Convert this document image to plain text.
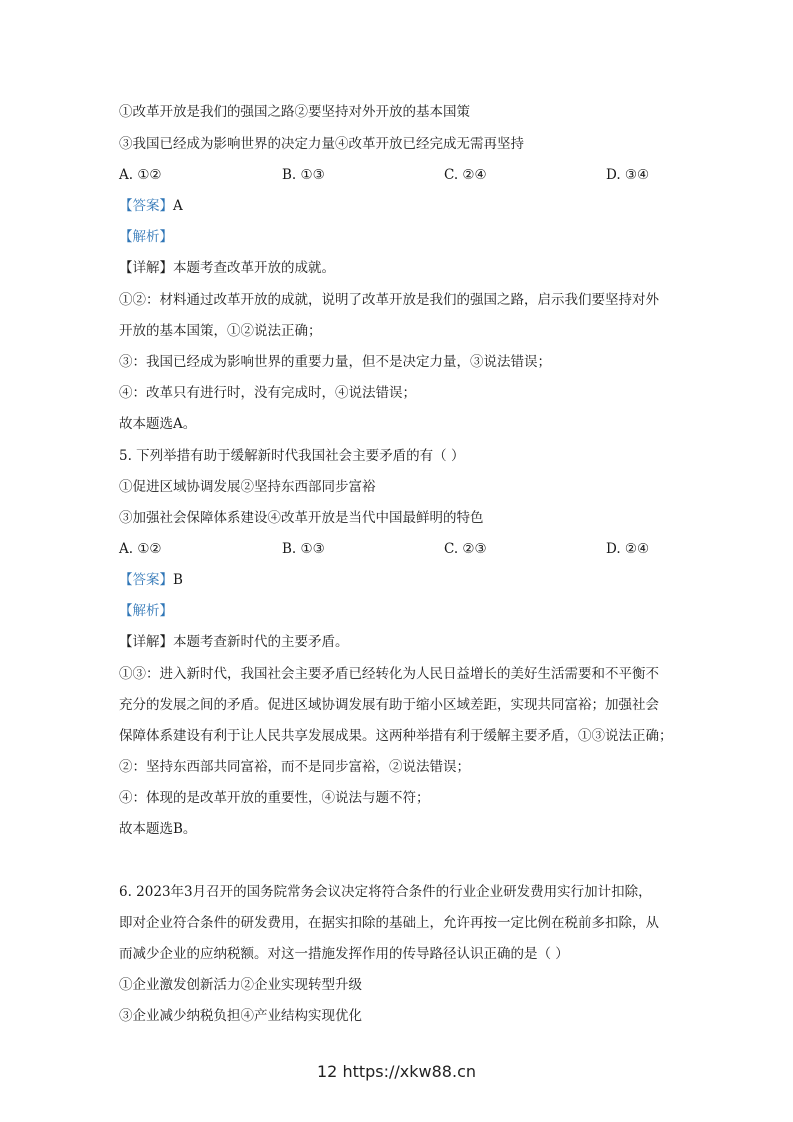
①改革开放是我们的强国之路②要坚持对外开放的基本国策
③我国已经成为影响世界的决定力量④改革开放已经完成无需再坚持
A. ①②	B. ①③	C. ②④	D. ③④
【答案】A
【解析】
【详解】本题考查改革开放的成就。
①②：材料通过改革开放的成就，说明了改革开放是我们的强国之路，启示我们要坚持对外
开放的基本国策，①②说法正确；
③：我国已经成为影响世界的重要力量，但不是决定力量，③说法错误；
④：改革只有进行时，没有完成时，④说法错误；
故本题选A。
5. 下列举措有助于缓解新时代我国社会主要矛盾的有（ ）
①促进区域协调发展②坚持东西部同步富裕
③加强社会保障体系建设④改革开放是当代中国最鲜明的特色
A. ①②	B. ①③	C. ②③	D. ②④
【答案】B
【解析】
【详解】本题考查新时代的主要矛盾。
①③：进入新时代，我国社会主要矛盾已经转化为人民日益增长的美好生活需要和不平衡不
充分的发展之间的矛盾。促进区域协调发展有助于缩小区域差距，实现共同富裕；加强社会
保障体系建设有利于让人民共享发展成果。这两种举措有利于缓解主要矛盾，①③说法正确；
②：坚持东西部共同富裕，而不是同步富裕，②说法错误；
④：体现的是改革开放的重要性，④说法与题不符；
故本题选B。
6. 2023年3月召开的国务院常务会议决定将符合条件的行业企业研发费用实行加计扣除，
即对企业符合条件的研发费用，在据实扣除的基础上，允许再按一定比例在税前多扣除，从
而减少企业的应纳税额。对这一措施发挥作用的传导路径认识正确的是（ ）
①企业激发创新活力②企业实现转型升级
③企业减少纳税负担④产业结构实现优化
12 https://xkw88.cn
